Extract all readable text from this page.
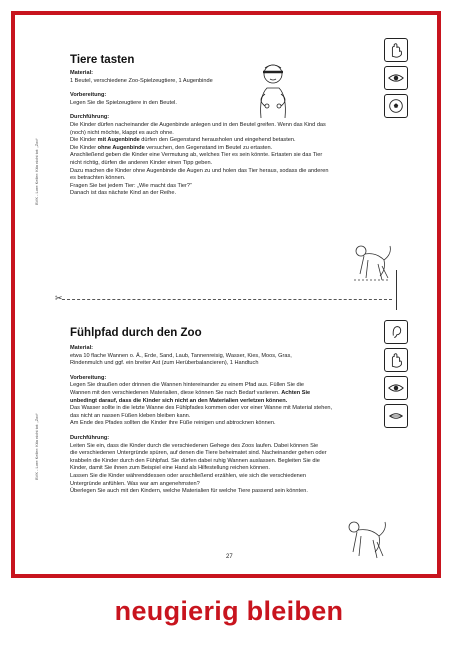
BVK - Lore Keller: Kita nicht tot: „Zoo“
BVK - Lore Keller: Kita nicht tot: „Zoo“
Tiere tasten

Material:

1 Beutel, verschiedene Zoo-Spielzeugtiere, 1 Augenbinde

Vorbereitung:

Legen Sie die Spielzeugtiere in den Beutel.

Durchführung:

Die Kinder dürfen nacheinander die Augenbinde anlegen und in den Beutel greifen. Wenn das Kind das

(noch) nicht möchte, klappt es auch ohne.

Die Kinder mit Augenbinde dürfen den Gegenstand herausholen und eingehend betasten.

Die Kinder ohne Augenbinde versuchen, den Gegenstand im Beutel zu ertasten.

Anschließend geben die Kinder eine Vermutung ab, welches Tier es sein könnte. Ertasten sie das Tier

nicht richtig, dürfen die anderen Kinder einen Tipp geben.

Dazu machen die Kinder ohne Augenbinde die Augen zu und holen das Tier heraus, sodass die anderen

es betrachten können.

Fragen Sie bei jedem Tier: „Wie macht das Tier?“

Danach ist das nächste Kind an der Reihe.

✂
Fühlpfad durch den Zoo

Material:

etwa 10 flache Wannen o. Ä., Erde, Sand, Laub, Tannenreisig, Wasser, Kies, Moos, Gras,

Rindenmulch und ggf. ein breiter Ast (zum Herüberbalancieren), 1 Handtuch

Vorbereitung:

Legen Sie draußen oder drinnen die Wannen hintereinander zu einem Pfad aus. Füllen Sie die

Wannen mit den verschiedenen Materialien, diese können Sie nach Bedarf variieren. Achten Sie

unbedingt darauf, dass die Kinder sich nicht an den Materialien verletzen können.

Das Wasser sollte in die letzte Wanne des Fühlpfades kommen oder vor einer Wanne mit Material stehen,

das nicht an nassen Füßen kleben bleiben kann.

Am Ende des Pfades sollten die Kinder ihre Füße reinigen und abtrocknen können.

Durchführung:

Leiten Sie ein, dass die Kinder durch die verschiedenen Gehege des Zoos laufen. Dabei können Sie

die verschiedenen Untergründe spüren, auf denen die Tiere beheimatet sind. Nacheinander gehen oder

krabbeln die Kinder durch den Fühlpfad. Sie dürfen dabei ruhig Wannen auslassen. Begleiten Sie die

Kinder, damit Sie ihnen zum Beispiel eine Hand als Hilfestellung reichen können.

Lassen Sie die Kinder währenddessen oder anschließend erzählen, wie sich die verschiedenen

Untergründe anfühlen. Was war am angenehmsten?

Überlegen Sie auch mit den Kindern, welche Materialien für welche Tiere passend sein könnten.

27
neugierig bleiben
